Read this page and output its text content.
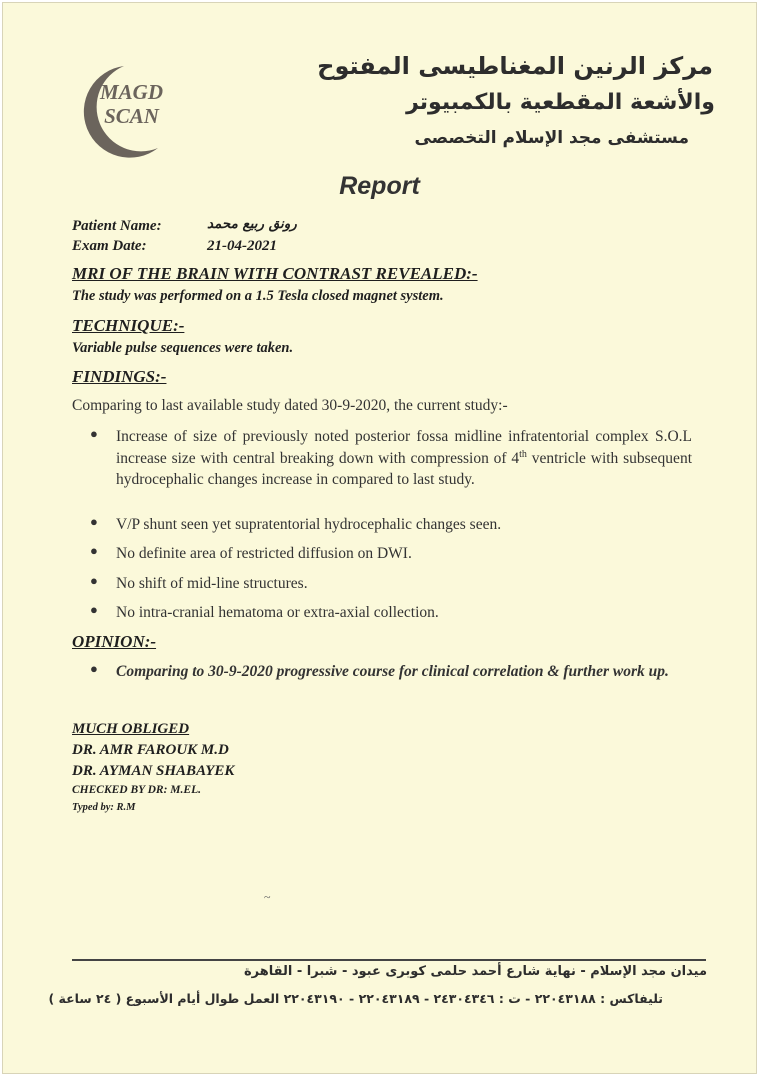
MAGD
SCAN
مركز الرنين المغناطيسى المفتوح
والأشعة المقطعية بالكمبيوتر
مستشفى مجد الإسلام التخصصى
Report
Patient Name:	رونق ربيع محمد
Exam Date:	21-04-2021
MRI OF THE BRAIN WITH CONTRAST REVEALED:-
The study was performed on a 1.5 Tesla closed magnet system.
TECHNIQUE:-
Variable pulse sequences were taken.
FINDINGS:-
Comparing to last available study dated 30-9-2020, the current study:-
● Increase of size of previously noted posterior fossa midline infratentorial complex S.O.L increase size with central breaking down with compression of 4th ventricle with subsequent hydrocephalic changes increase in compared to last study.
● V/P shunt seen yet supratentorial hydrocephalic changes seen.
● No definite area of restricted diffusion on DWI.
● No shift of mid-line structures.
● No intra-cranial hematoma or extra-axial collection.
OPINION:-
● Comparing to 30-9-2020 progressive course for clinical correlation & further work up.
MUCH OBLIGED
DR. AMR FAROUK M.D
DR. AYMAN SHABAYEK
CHECKED BY DR: M.EL.
Typed by: R.M
~
ميدان مجد الإسلام - نهاية شارع أحمد حلمى كوبرى عبود - شبرا - القاهرة
تليفاكس : ٢٢٠٤٣١٨٨ - ت : ٢٤٣٠٤٣٤٦ - ٢٢٠٤٣١٨٩ - ٢٢٠٤٣١٩٠ العمل طوال أيام الأسبوع ( ٢٤ ساعة )
